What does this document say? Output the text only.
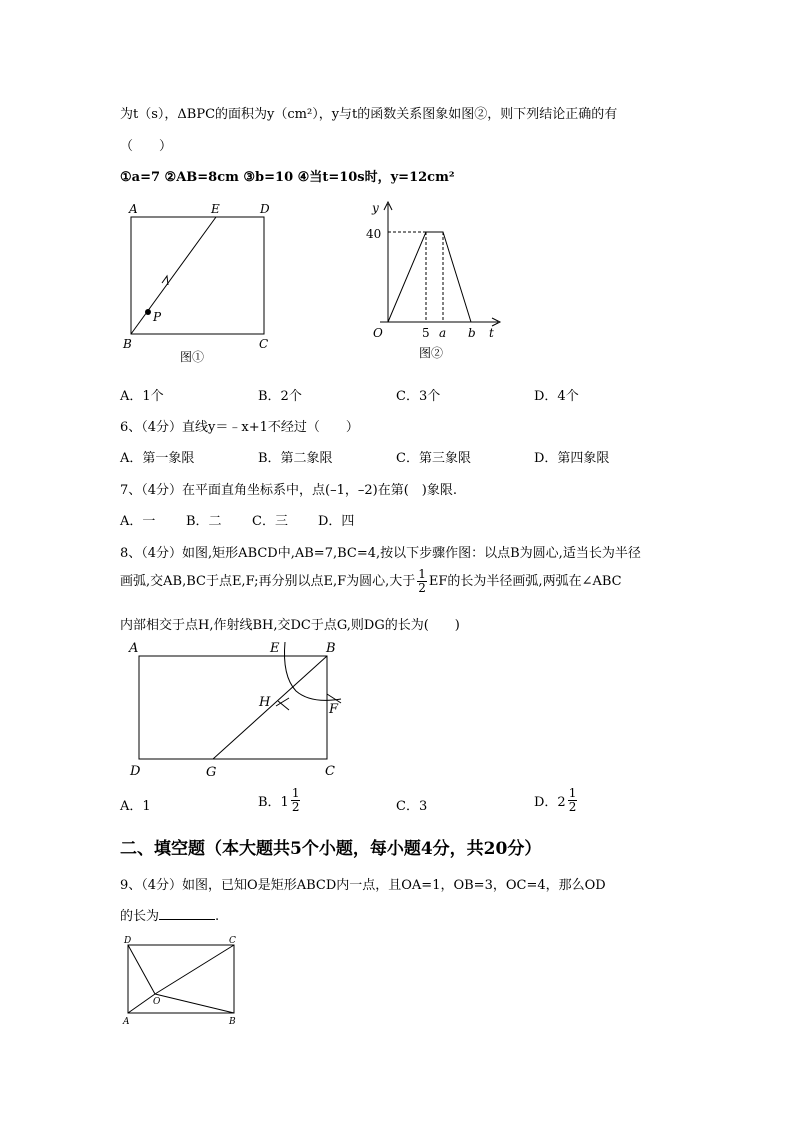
为t（s），ΔBPC的面积为y（cm²），y与t的函数关系图象如图②，则下列结论正确的有
（　　）
①a=7 ②AB=8cm ③b=10 ④当t=10s时，y=12cm²
A	E	D
B	C
P
图①
y
40
O	5 a b t
图②
A．1个	B．2个	C．3个	D．4个
6、（4分）直线y＝﹣x+1不经过（　　）
A．第一象限	B．第二象限	C．第三象限	D．第四象限
7、（4分）在平面直角坐标系中，点(–1，–2)在第(　)象限.
A．一 B．二 C．三 D．四
8、（4分）如图,矩形ABCD中,AB=7,BC=4,按以下步骤作图：以点B为圆心,适当长为半径
画弧,交AB,BC于点E,F;再分别以点E,F为圆心,大于 $\frac{1}{2}$ EF的长为半径画弧,两弧在∠ABC
内部相交于点H,作射线BH,交DC于点G,则DG的长为(　　)
A	E	B
H	F
D	G	C
A．1	B．$1 \frac{1}{2}$	C．3	D．$2 \frac{1}{2}$
二、填空题（本大题共5个小题，每小题4分，共20分）
9、（4分）如图，已知O是矩形ABCD内一点，且OA=1，OB=3，OC=4，那么OD
的长为	.
D	C
O
A	B
